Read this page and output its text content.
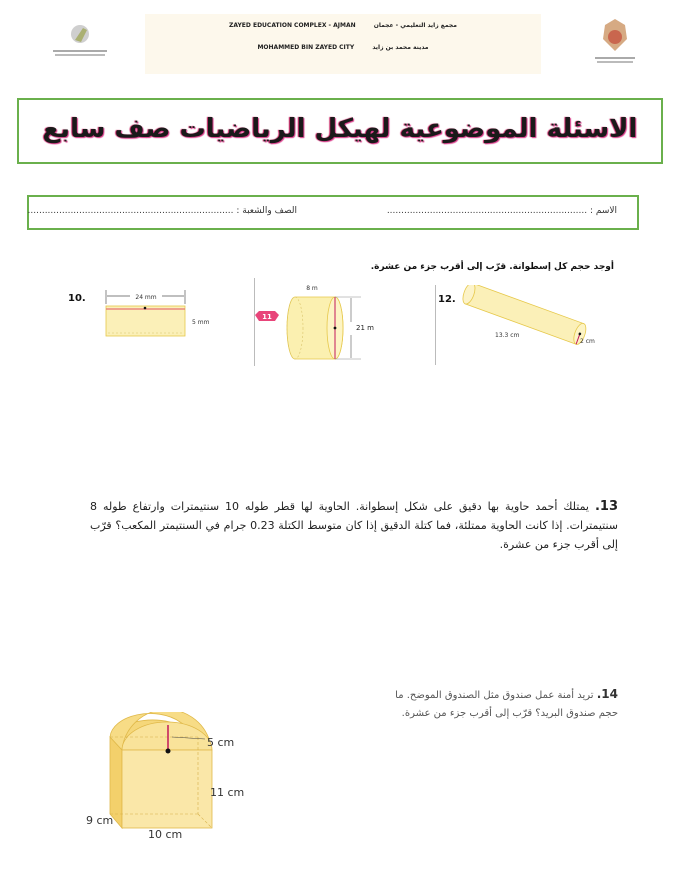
ZAYED EDUCATION COMPLEX - AJMAN	مجمع زايد التعليمي - عجمان
MOHAMMED BIN ZAYED CITY	مدينة محمد بن زايد
الاسئلة الموضوعية لهيكل الرياضيات صف سابع
الاسم : ......................................................................
الصف والشعبة : ........................................................................
أوجد حجم كل إسطوانة. قرّب إلى أقرب جزء من عشرة.
10.	24 mm
5 mm
11
8 m
21 m
12.
13.3 cm
2 cm
13. يمتلك أحمد حاوية بها دقيق على شكل إسطوانة. الحاوية لها قطر طوله 10 سنتيمترات وارتفاع طوله 8 سنتيمترات. إذا كانت الحاوية ممتلئة، فما كتلة الدقيق إذا كان متوسط الكتلة 0.23 جرام في السنتيمتر المكعب؟ قرّب إلى أقرب جزء من عشرة.
14. تريد أمنة عمل صندوق مثل الصندوق الموضح. ما حجم صندوق البريد؟ قرّب إلى أقرب جزء من عشرة.
5 cm
11 cm
9 cm
10 cm
